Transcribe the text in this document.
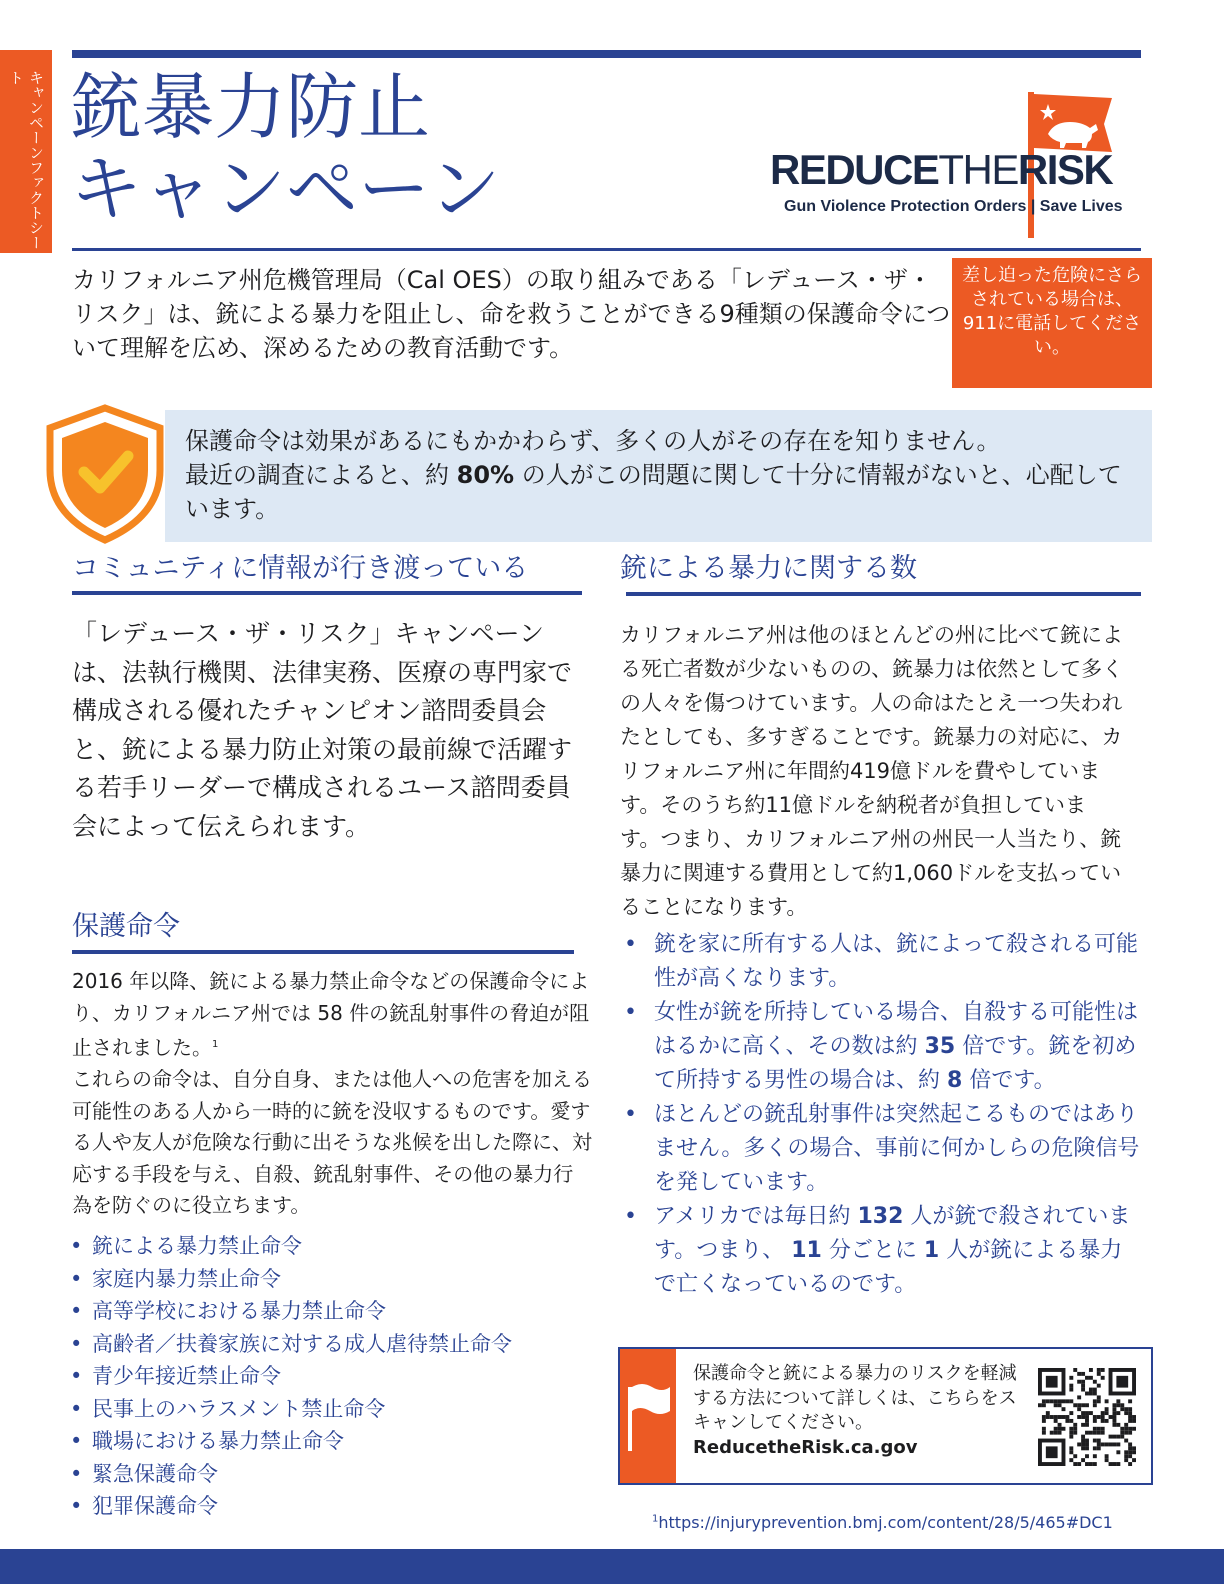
キャンペーンファクトシート 銃暴力防止
キャンペーン	REDUCETHERISK
Gun Violence Protection Orders | Save Lives
カリフォルニア州危機管理局（Cal OES）の取り組みである「レデュース・ザ・リスク」は、銃による暴力を阻止し、命を救うことができる9種類の保護命令について理解を広め、深めるための教育活動です。
差し迫った危険にさらされている場合は、911に電話してください。

保護命令は効果があるにもかかわらず、多くの人がその存在を知りません。
最近の調査によると、約 80% の人がこの問題に関して十分に情報がないと、心配しています。

コミュニティに情報が行き渡っている
「レデュース・ザ・リスク」キャンペーンは、法執行機関、法律実務、医療の専門家で構成される優れたチャンピオン諮問委員会と、銃による暴力防止対策の最前線で活躍する若手リーダーで構成されるユース諮問委員会によって伝えられます。
保護命令
2016 年以降、銃による暴力禁止命令などの保護命令により、カリフォルニア州では 58 件の銃乱射事件の脅迫が阻止されました。$^1$
これらの命令は、自分自身、または他人への危害を加える可能性のある人から一時的に銃を没収するものです。愛する人や友人が危険な行動に出そうな兆候を出した際に、対応する手段を与え、自殺、銃乱射事件、その他の暴力行為を防ぐのに役立ちます。
• 銃による暴力禁止命令
• 家庭内暴力禁止命令
• 高等学校における暴力禁止命令
• 高齢者／扶養家族に対する成人虐待禁止命令
• 青少年接近禁止命令
• 民事上のハラスメント禁止命令
• 職場における暴力禁止命令
• 緊急保護命令
• 犯罪保護命令
銃による暴力に関する数
カリフォルニア州は他のほとんどの州に比べて銃による死亡者数が少ないものの、銃暴力は依然として多くの人々を傷つけています。人の命はたとえ一つ失われたとしても、多すぎることです。銃暴力の対応に、カリフォルニア州に年間約419億ドルを費やしています。そのうち約11億ドルを納税者が負担しています。つまり、カリフォルニア州の州民一人当たり、銃暴力に関連する費用として約1,060ドルを支払っていることになります。
• 銃を家に所有する人は、銃によって殺される可能性が高くなります。
• 女性が銃を所持している場合、自殺する可能性ははるかに高く、その数は約 35 倍です。銃を初めて所持する男性の場合は、約 8 倍です。
• ほとんどの銃乱射事件は突然起こるものではありません。多くの場合、事前に何かしらの危険信号を発しています。
• アメリカでは毎日約 132 人が銃で殺されています。つまり、 11 分ごとに 1 人が銃による暴力で亡くなっているのです。
保護命令と銃による暴力のリスクを軽減する方法について詳しくは、こちらをスキャンしてください。
ReducetheRisk.ca.gov
$^1$https://injuryprevention.bmj.com/content/28/5/465#DC1
